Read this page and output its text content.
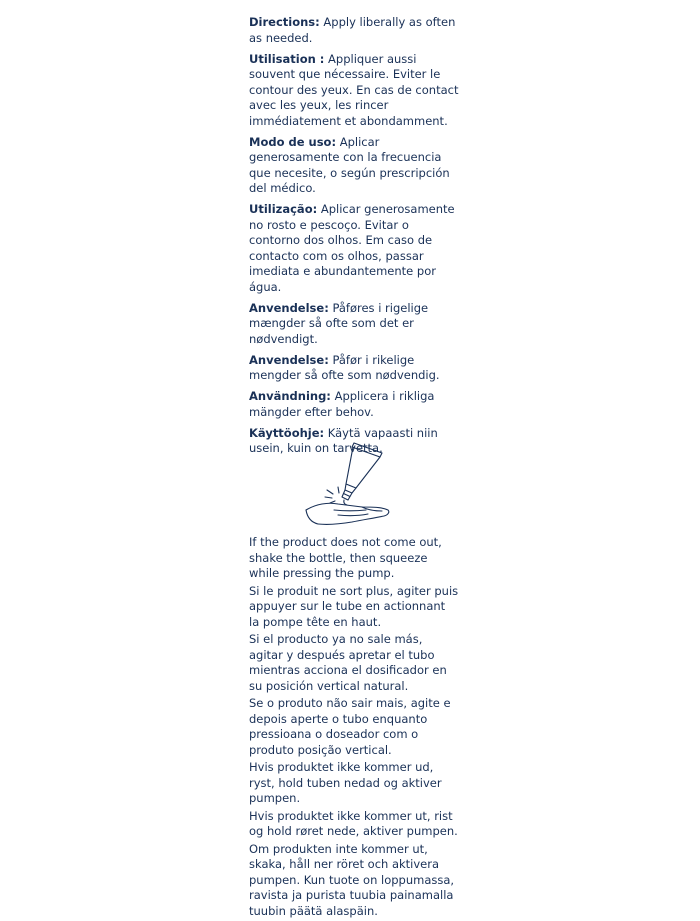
Directions: Apply liberally as often as needed.

Utilisation : Appliquer aussi souvent que nécessaire. Eviter le contour des yeux. En cas de contact avec les yeux, les rincer immédiatement et abondamment.

Modo de uso: Aplicar generosamente con la frecuencia que necesite, o según prescripción del médico.

Utilização: Aplicar generosamente no rosto e pescoço. Evitar o contorno dos olhos. Em caso de contacto com os olhos, passar imediata e abundantemente por água.

Anvendelse: Påføres i rigelige mængder så ofte som det er nødvendigt.

Anvendelse: Påfør i rikelige mengder så ofte som nødvendig.

Användning: Applicera i rikliga mängder efter behov.

Käyttöohje: Käytä vapaasti niin usein, kuin on tarvetta.

If the product does not come out, shake the bottle, then squeeze while pressing the pump.

Si le produit ne sort plus, agiter puis appuyer sur le tube en actionnant la pompe tête en haut.

Si el producto ya no sale más, agitar y después apretar el tubo mientras acciona el dosificador en su posición vertical natural.

Se o produto não sair mais, agite e depois aperte o tubo enquanto pressioana o doseador com o produto posição vertical.

Hvis produktet ikke kommer ud, ryst, hold tuben nedad og aktiver pumpen.

Hvis produktet ikke kommer ut, rist og hold røret nede, aktiver pumpen.

Om produkten inte kommer ut, skaka, håll ner röret och aktivera pumpen. Kun tuote on loppumassa, ravista ja purista tuubia painamalla tuubin päätä alaspäin.
